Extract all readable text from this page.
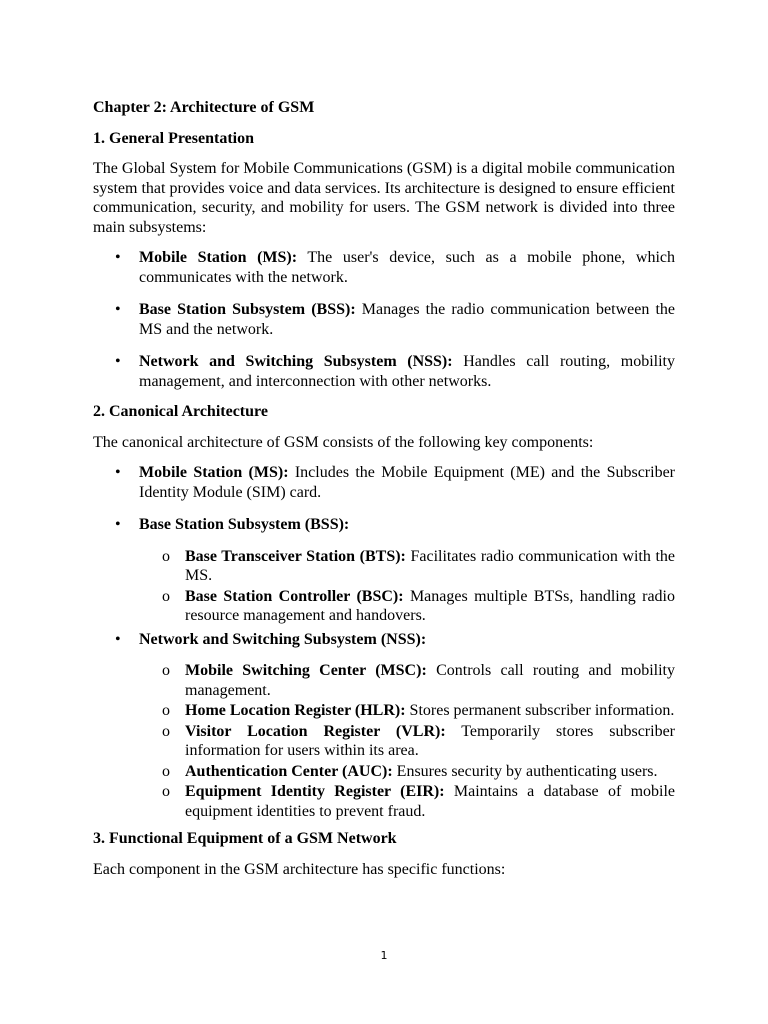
Chapter 2: Architecture of GSM
1. General Presentation
The Global System for Mobile Communications (GSM) is a digital mobile communication system that provides voice and data services. Its architecture is designed to ensure efficient communication, security, and mobility for users. The GSM network is divided into three main subsystems:
• Mobile Station (MS): The user's device, such as a mobile phone, which communicates with the network.
• Base Station Subsystem (BSS): Manages the radio communication between the MS and the network.
• Network and Switching Subsystem (NSS): Handles call routing, mobility management, and interconnection with other networks.
2. Canonical Architecture
The canonical architecture of GSM consists of the following key components:
• Mobile Station (MS): Includes the Mobile Equipment (ME) and the Subscriber Identity Module (SIM) card.
• Base Station Subsystem (BSS):
o Base Transceiver Station (BTS): Facilitates radio communication with the MS.
o Base Station Controller (BSC): Manages multiple BTSs, handling radio resource management and handovers.
• Network and Switching Subsystem (NSS):
o Mobile Switching Center (MSC): Controls call routing and mobility management.
o Home Location Register (HLR): Stores permanent subscriber information.
o Visitor Location Register (VLR): Temporarily stores subscriber information for users within its area.
o Authentication Center (AUC): Ensures security by authenticating users.
o Equipment Identity Register (EIR): Maintains a database of mobile equipment identities to prevent fraud.
3. Functional Equipment of a GSM Network
Each component in the GSM architecture has specific functions:
1
